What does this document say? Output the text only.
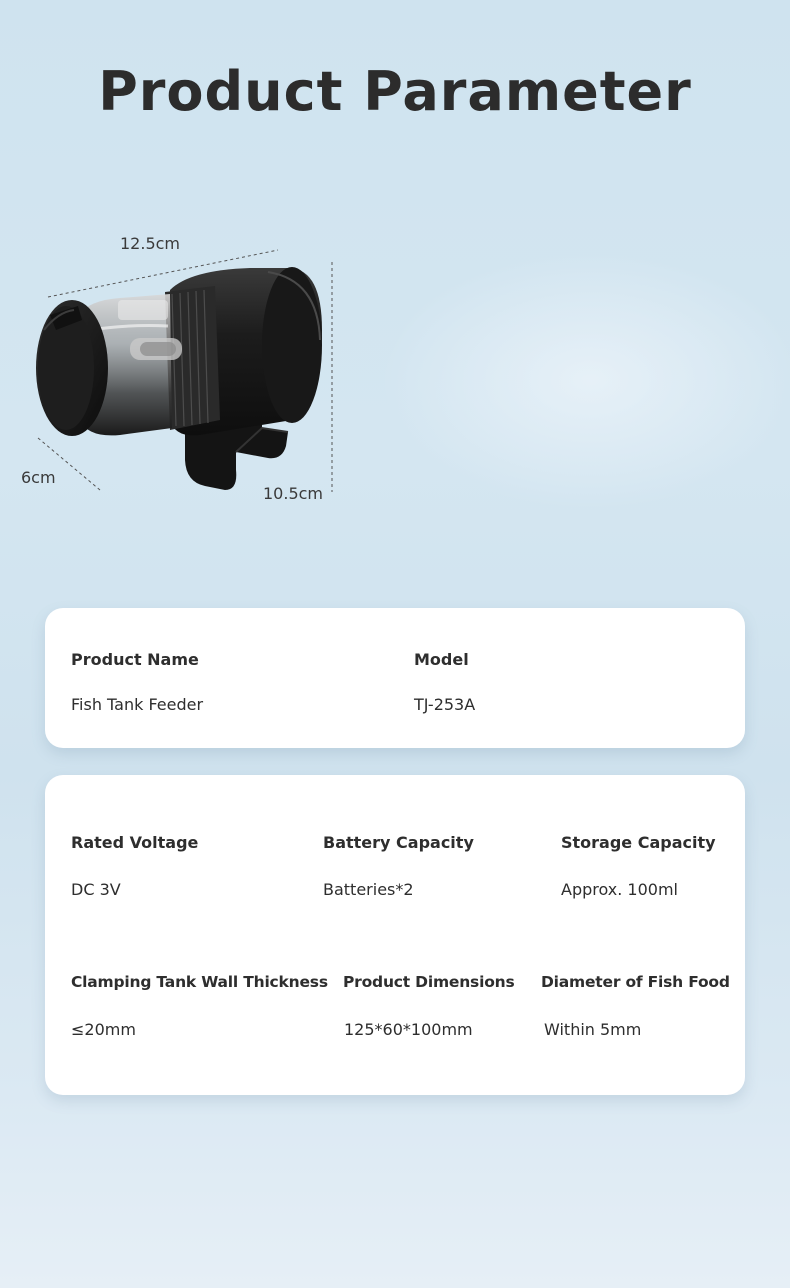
Product Parameter
12.5cm
6cm
10.5cm
Product Name
Fish Tank Feeder
Model
TJ-253A
Rated Voltage
DC 3V
Battery Capacity
Batteries*2
Storage Capacity
Approx. 100ml
Clamping Tank Wall Thickness
≤20mm
Product Dimensions
125*60*100mm
Diameter of Fish Food
Within 5mm
